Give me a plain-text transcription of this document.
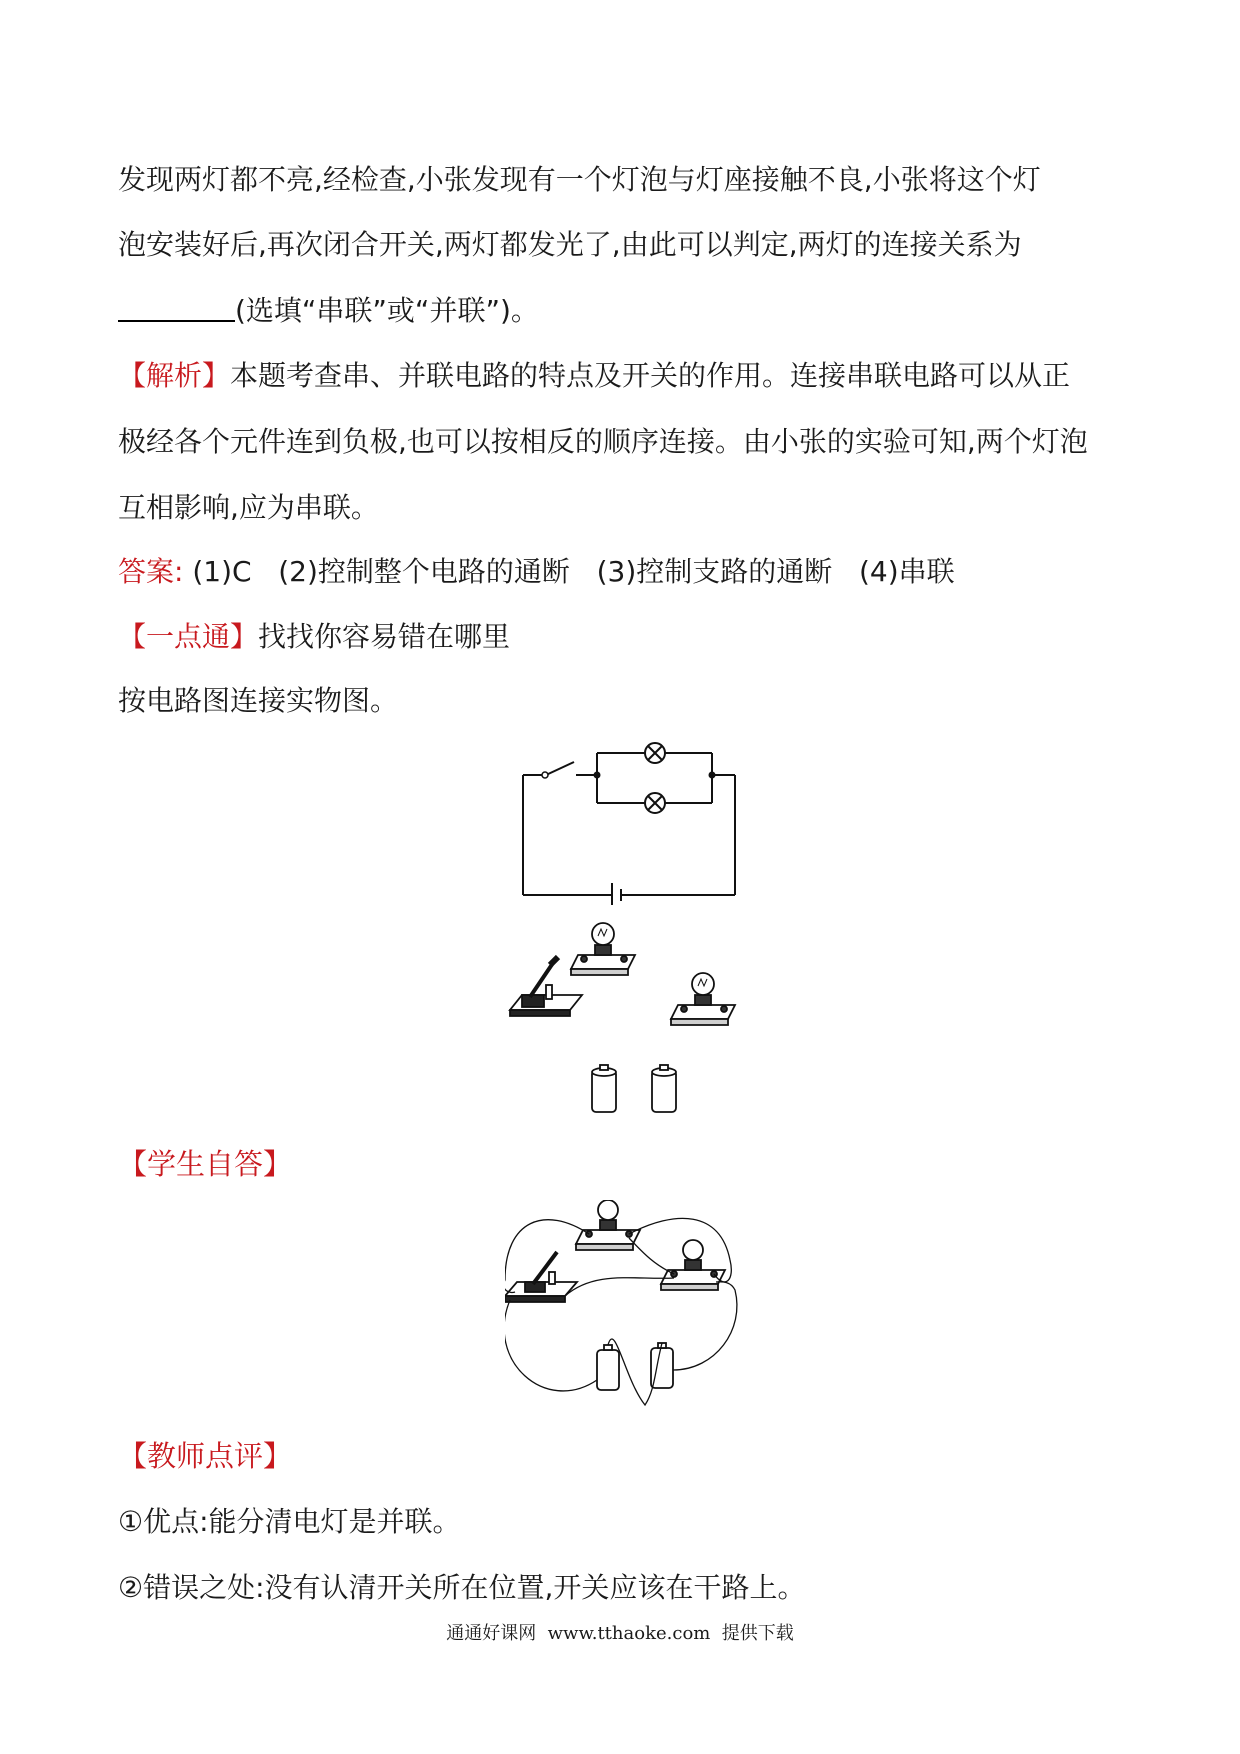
发现两灯都不亮,经检查,小张发现有一个灯泡与灯座接触不良,小张将这个灯
泡安装好后,再次闭合开关,两灯都发光了,由此可以判定,两灯的连接关系为
(选填“串联”或“并联”)。
【解析】本题考查串、并联电路的特点及开关的作用。连接串联电路可以从正
极经各个元件连到负极,也可以按相反的顺序连接。由小张的实验可知,两个灯泡
互相影响,应为串联。
答案: (1)C   (2)控制整个电路的通断   (3)控制支路的通断   (4)串联
【一点通】找找你容易错在哪里
按电路图连接实物图。
【学生自答】
【教师点评】
①优点:能分清电灯是并联。
②错误之处:没有认清开关所在位置,开关应该在干路上。
通通好课网  www.tthaoke.com  提供下载
